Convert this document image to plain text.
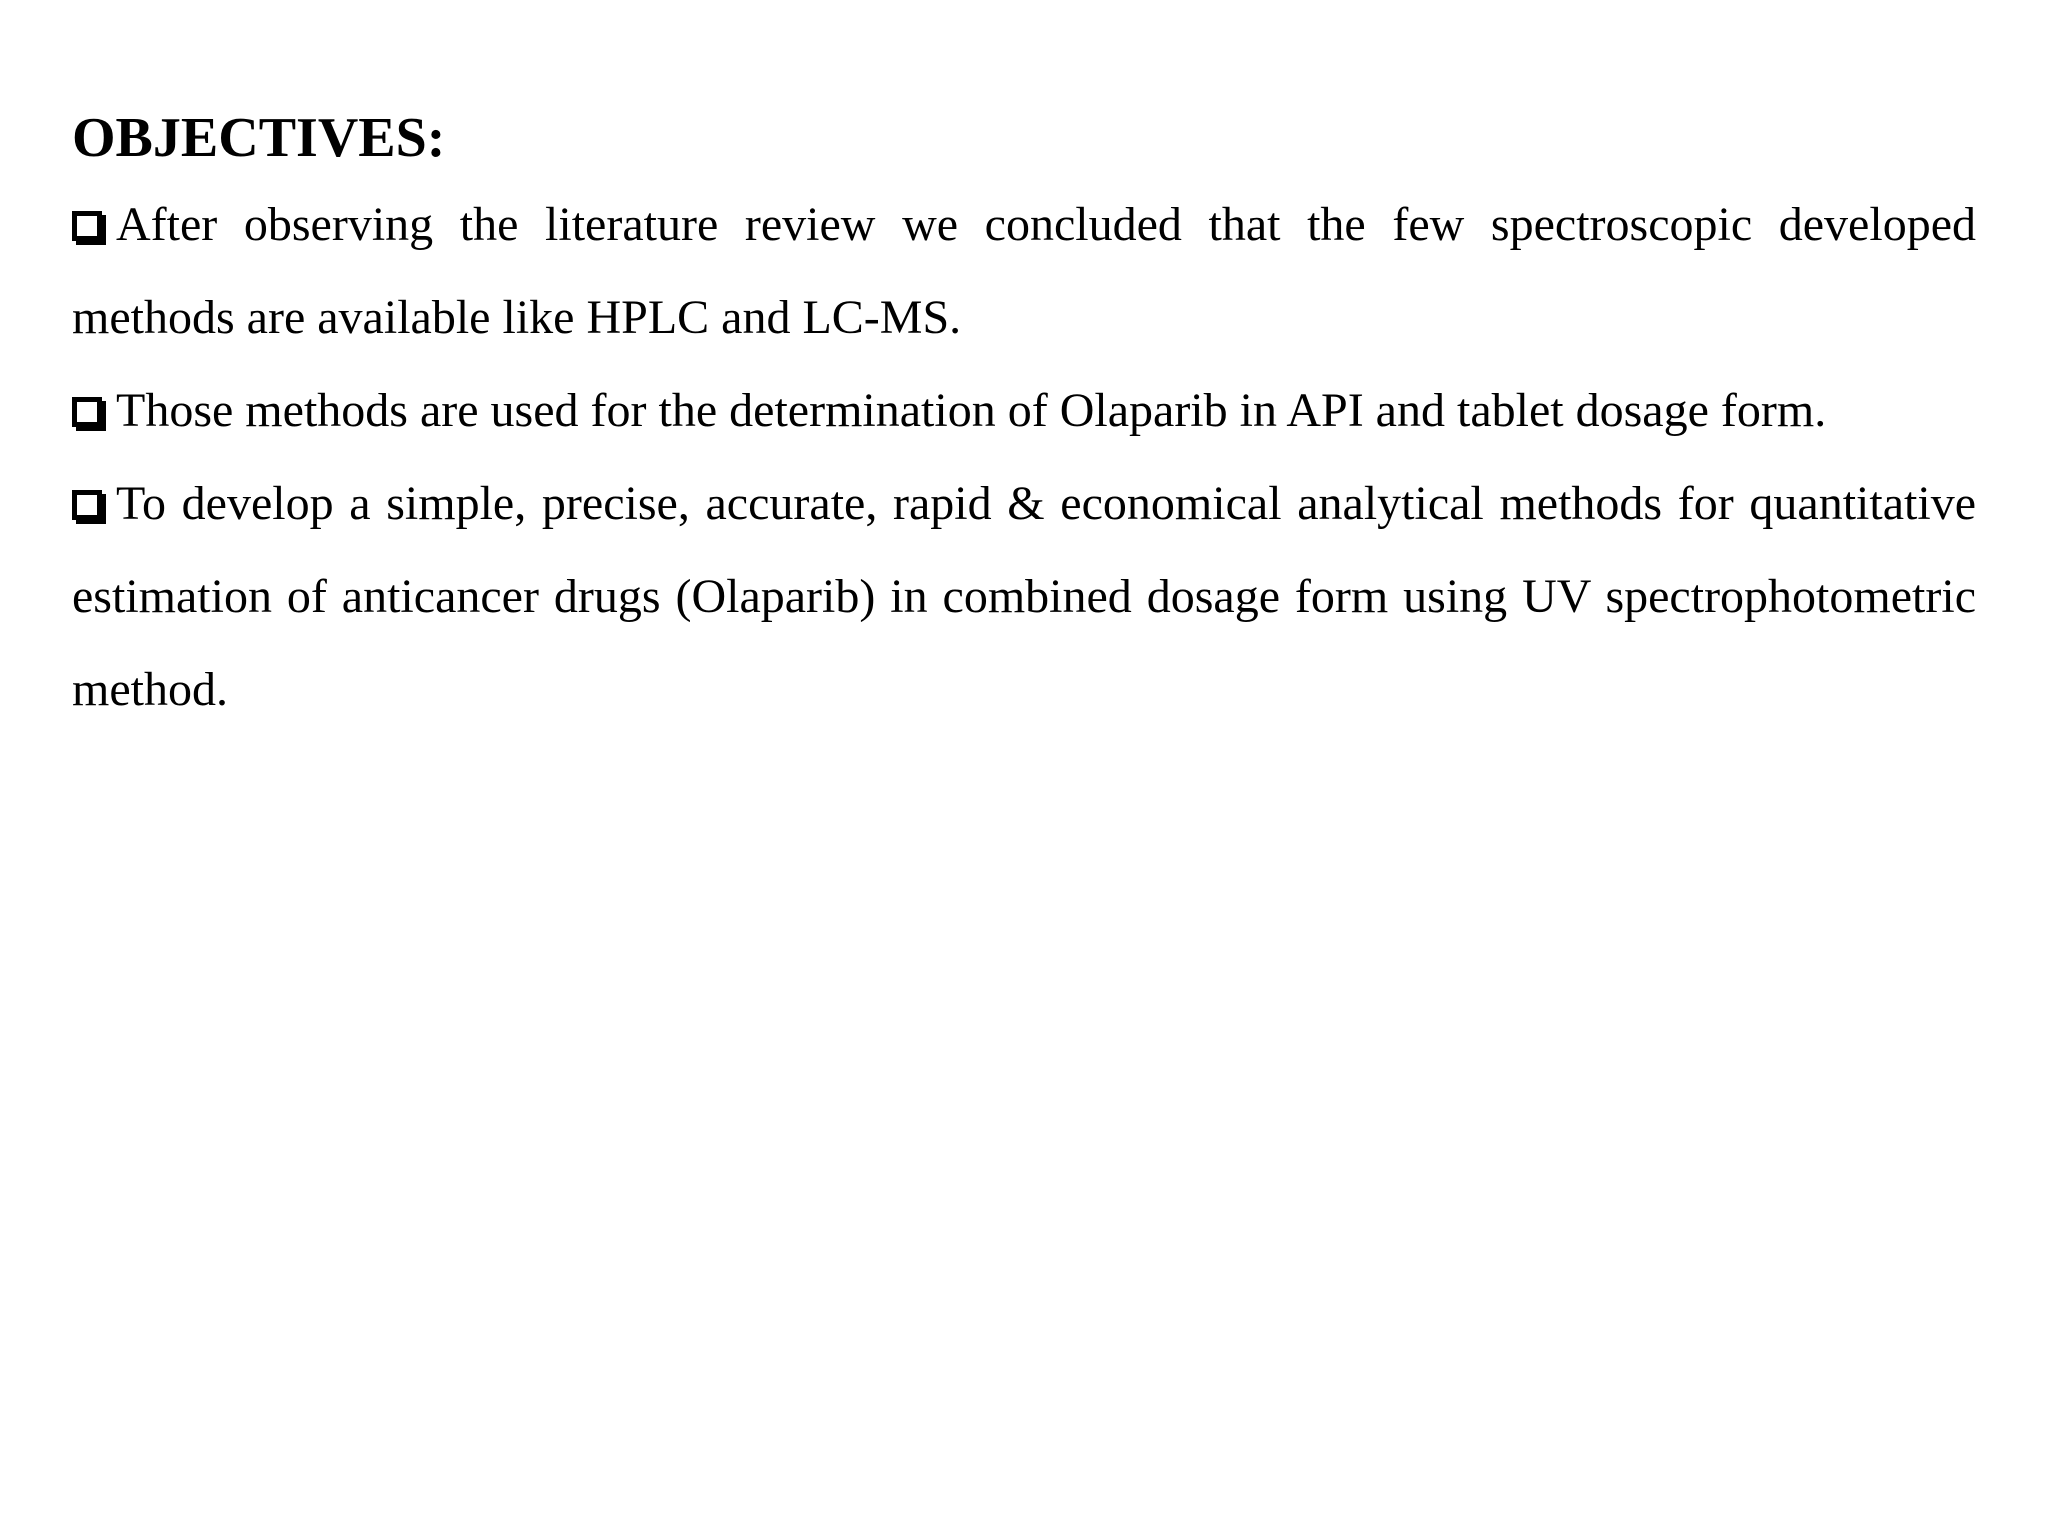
OBJECTIVES:

After observing the literature review we concluded that the few spectroscopic developed methods are available like HPLC and LC-MS.

Those methods are used for the determination of Olaparib in API and tablet dosage form.

To develop a simple, precise, accurate, rapid & economical analytical methods for quantitative estimation of anticancer drugs (Olaparib) in combined dosage form using UV spectrophotometric method.
